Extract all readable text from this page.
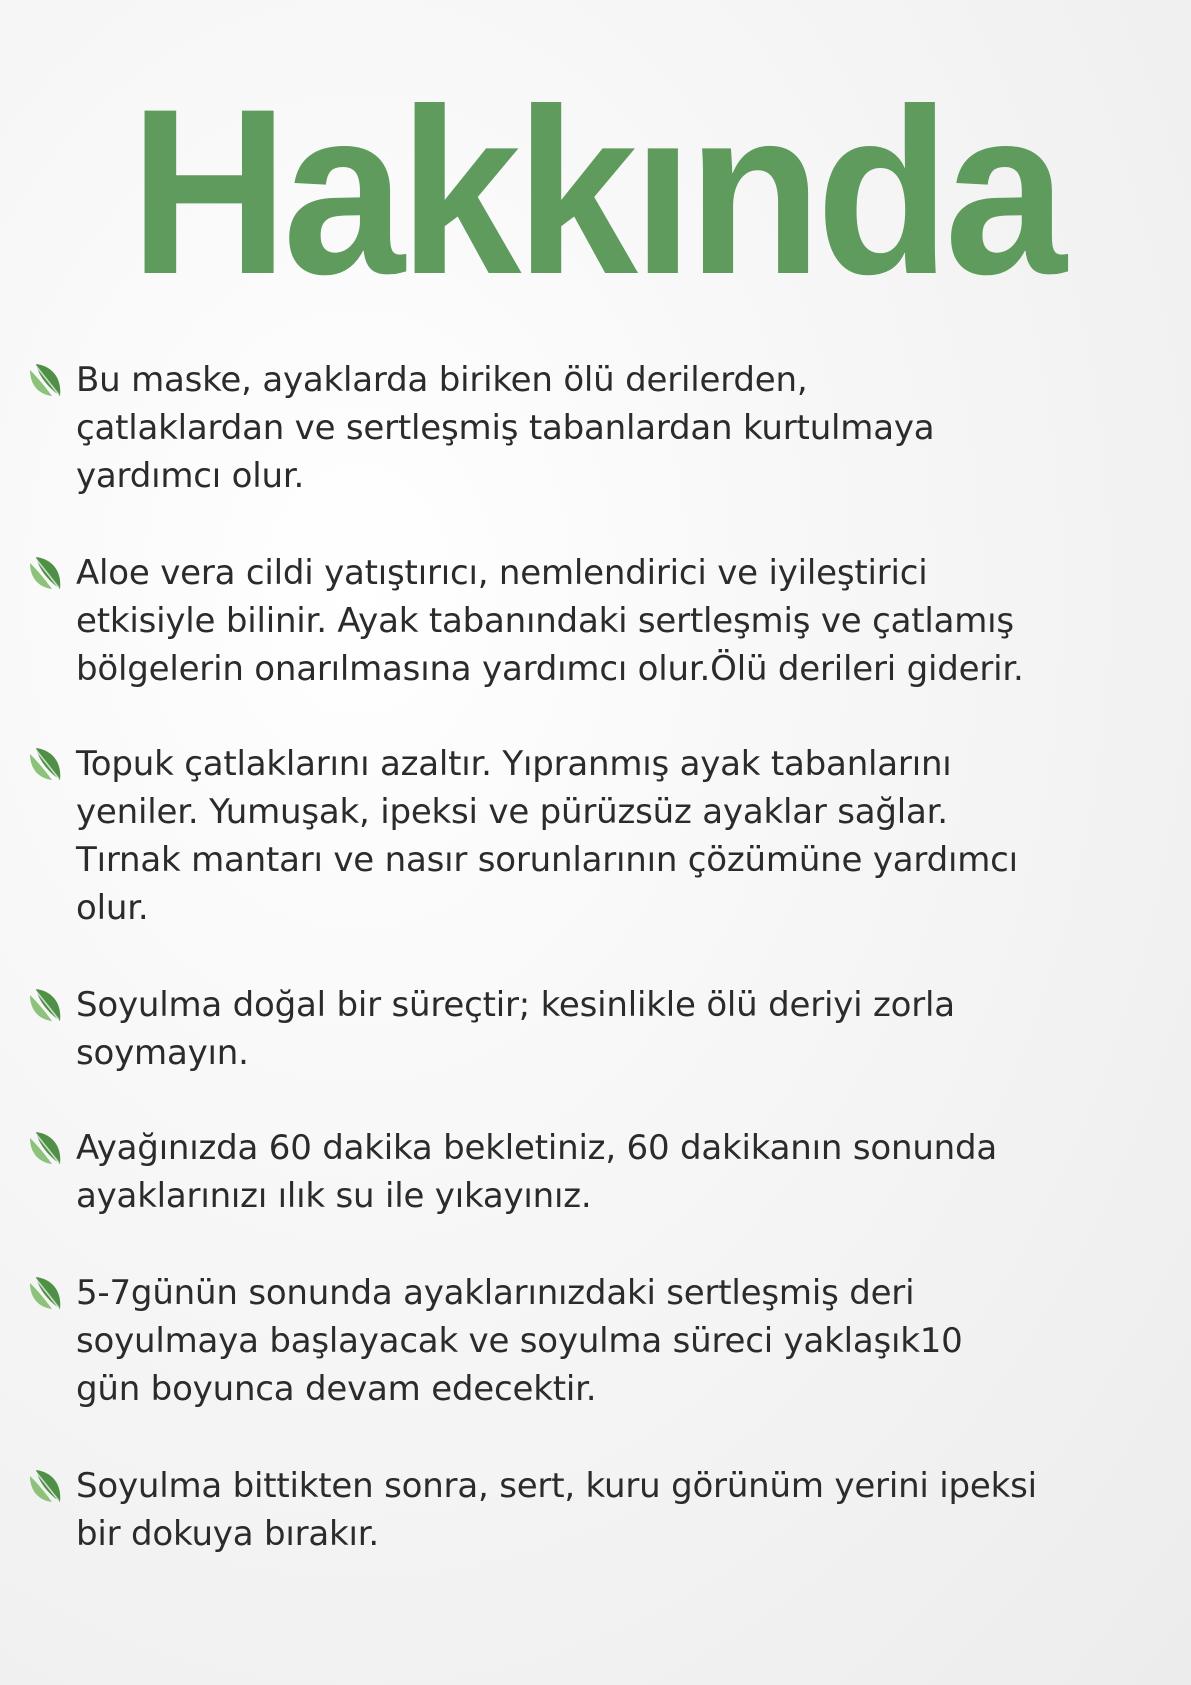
Hakkında
Bu maske, ayaklarda biriken ölü derilerden,
çatlaklardan ve sertleşmiş tabanlardan kurtulmaya
yardımcı olur.
Aloe vera cildi yatıştırıcı, nemlendirici ve iyileştirici
etkisiyle bilinir. Ayak tabanındaki sertleşmiş ve çatlamış
bölgelerin onarılmasına yardımcı olur.Ölü derileri giderir.
Topuk çatlaklarını azaltır. Yıpranmış ayak tabanlarını
yeniler. Yumuşak, ipeksi ve pürüzsüz ayaklar sağlar.
Tırnak mantarı ve nasır sorunlarının çözümüne yardımcı
olur.
Soyulma doğal bir süreçtir; kesinlikle ölü deriyi zorla
soymayın.
Ayağınızda 60 dakika bekletiniz, 60 dakikanın sonunda
ayaklarınızı ılık su ile yıkayınız.
5-7günün sonunda ayaklarınızdaki sertleşmiş deri
soyulmaya başlayacak ve soyulma süreci yaklaşık10
gün boyunca devam edecektir.
Soyulma bittikten sonra, sert, kuru görünüm yerini ipeksi
bir dokuya bırakır.
